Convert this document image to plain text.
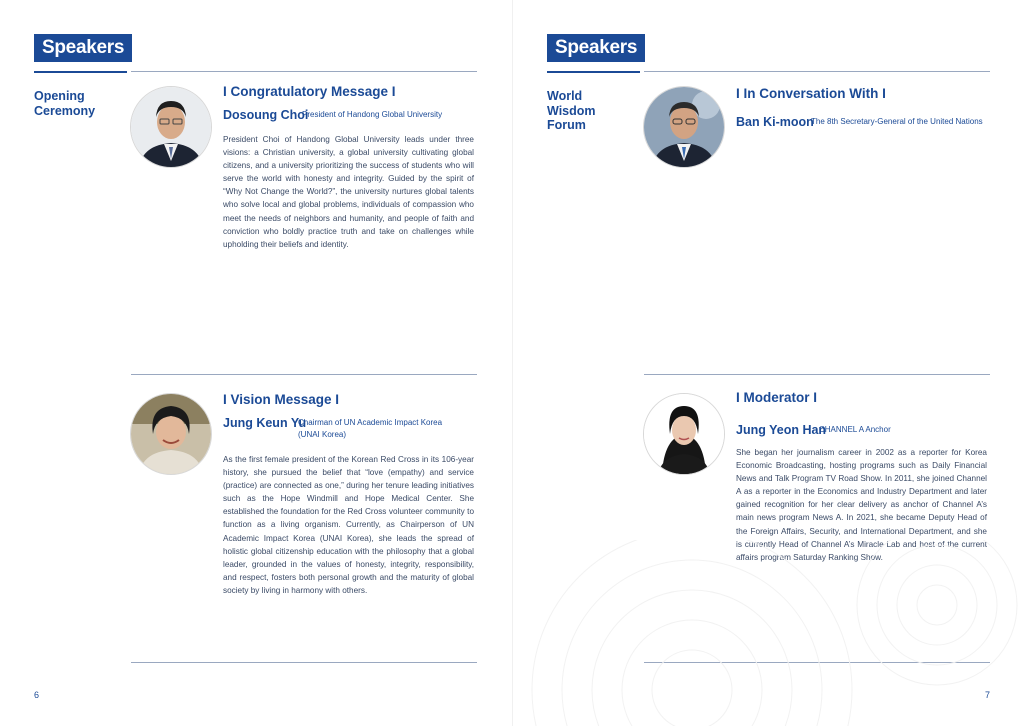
Speakers
Opening Ceremony
I Congratulatory Message I
Dosoung Choi
President of Handong Global University
President Choi of Handong Global University leads under three visions: a Christian university, a global university cultivating global citizens, and a university prioritizing the success of students who will serve the world with honesty and integrity. Guided by the spirit of “Why Not Change the World?”, the university nurtures global talents who solve local and global problems, individuals of compassion who meet the needs of neighbors and humanity, and people of faith and conviction who boldly practice truth and take on challenges while upholding their beliefs and identity.
I Vision Message I
Jung Keun Yu
Chairman of UN Academic Impact Korea (UNAI Korea)
As the first female president of the Korean Red Cross in its 106-year history, she pursued the belief that “love (empathy) and service (practice) are connected as one,” during her tenure leading initiatives such as the Hope Windmill and Hope Medical Center. She established the foundation for the Red Cross volunteer community to function as a living organism. Currently, as Chairperson of UN Academic Impact Korea (UNAI Korea), she leads the spread of holistic global citizenship education with the philosophy that a global leader, grounded in the values of honesty, integrity, responsibility, and respect, fosters both personal growth and the maturity of global society by living in harmony with others.
6
Speakers
World Wisdom Forum
I In Conversation With I
Ban Ki-moon
The 8th Secretary-General of the United Nations
I Moderator I
Jung Yeon Han
CHANNEL A Anchor
She began her journalism career in 2002 as a reporter for Korea Economic Broadcasting, hosting programs such as Daily Financial News and Talk Program TV Road Show. In 2011, she joined Channel A as a reporter in the Economics and Industry Department and later gained recognition for her clear delivery as anchor of Channel A’s main news program News A. In 2021, she became Deputy Head of the Foreign Affairs, Security, and International Department, and she is currently Head of Channel A’s Miracle Lab and host of the current affairs program Saturday Ranking Show.
7
